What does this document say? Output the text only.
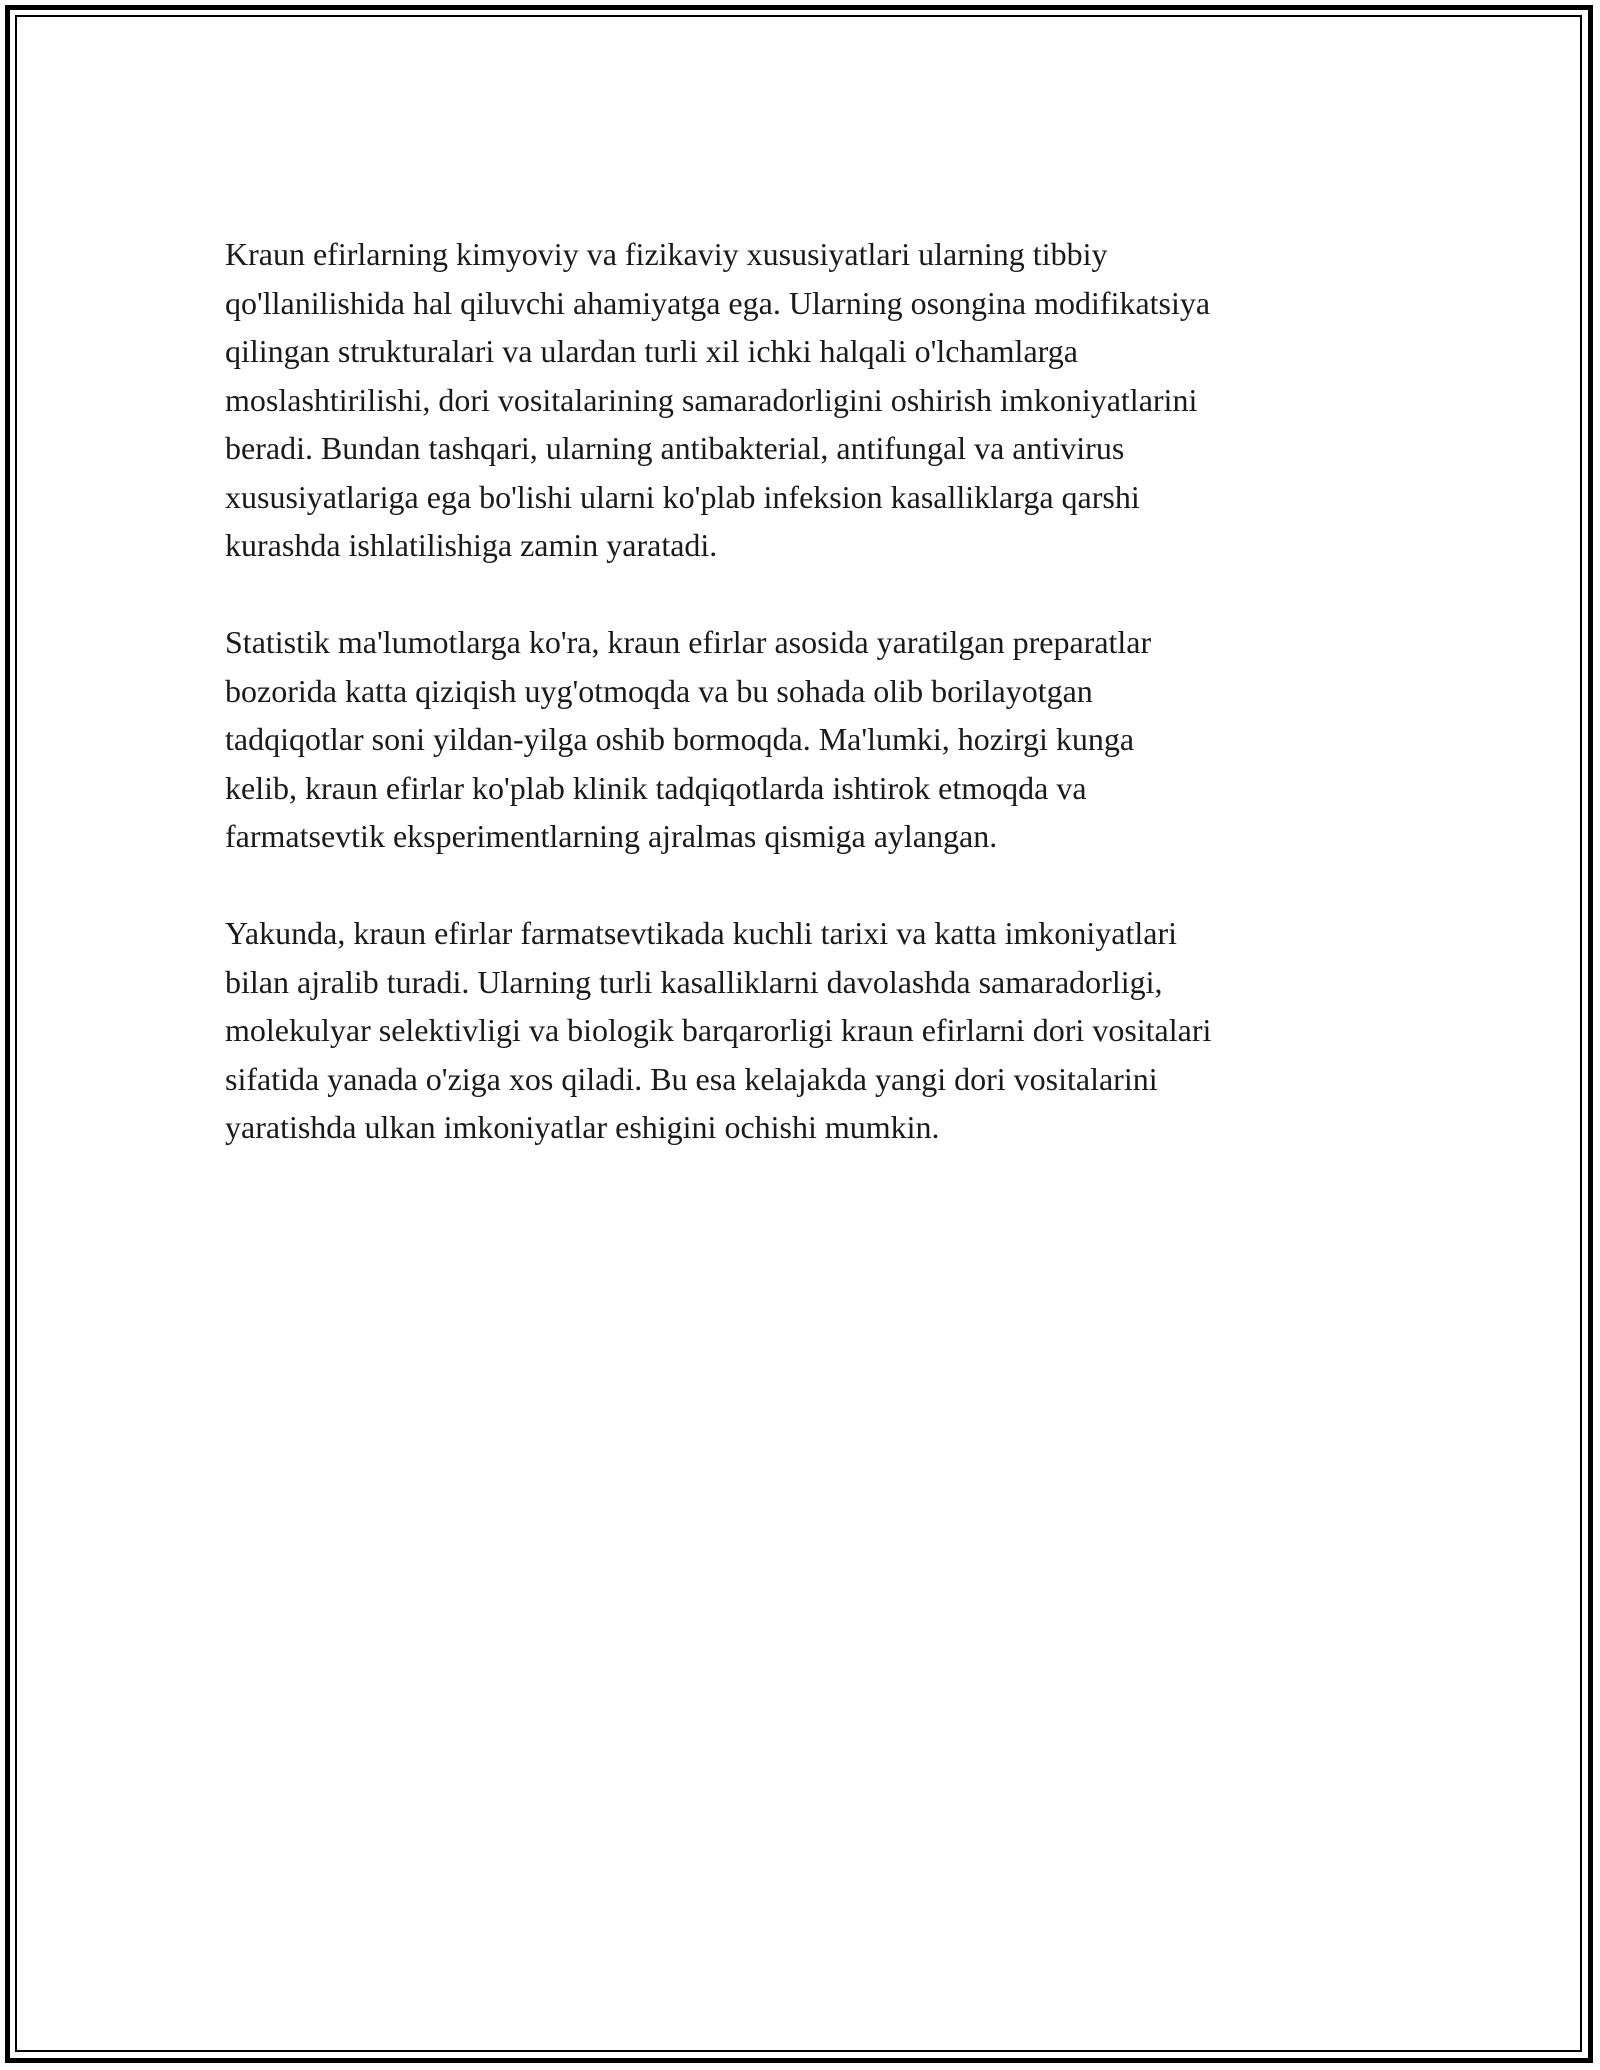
Kraun efirlarning kimyoviy va fizikaviy xususiyatlari ularning tibbiy
qo'llanilishida hal qiluvchi ahamiyatga ega. Ularning osongina modifikatsiya
qilingan strukturalari va ulardan turli xil ichki halqali o'lchamlarga
moslashtirilishi, dori vositalarining samaradorligini oshirish imkoniyatlarini
beradi. Bundan tashqari, ularning antibakterial, antifungal va antivirus
xususiyatlariga ega bo'lishi ularni ko'plab infeksion kasalliklarga qarshi
kurashda ishlatilishiga zamin yaratadi.

Statistik ma'lumotlarga ko'ra, kraun efirlar asosida yaratilgan preparatlar
bozorida katta qiziqish uyg'otmoqda va bu sohada olib borilayotgan
tadqiqotlar soni yildan-yilga oshib bormoqda. Ma'lumki, hozirgi kunga
kelib, kraun efirlar ko'plab klinik tadqiqotlarda ishtirok etmoqda va
farmatsevtik eksperimentlarning ajralmas qismiga aylangan.

Yakunda, kraun efirlar farmatsevtikada kuchli tarixi va katta imkoniyatlari
bilan ajralib turadi. Ularning turli kasalliklarni davolashda samaradorligi,
molekulyar selektivligi va biologik barqarorligi kraun efirlarni dori vositalari
sifatida yanada o'ziga xos qiladi. Bu esa kelajakda yangi dori vositalarini
yaratishda ulkan imkoniyatlar eshigini ochishi mumkin.
